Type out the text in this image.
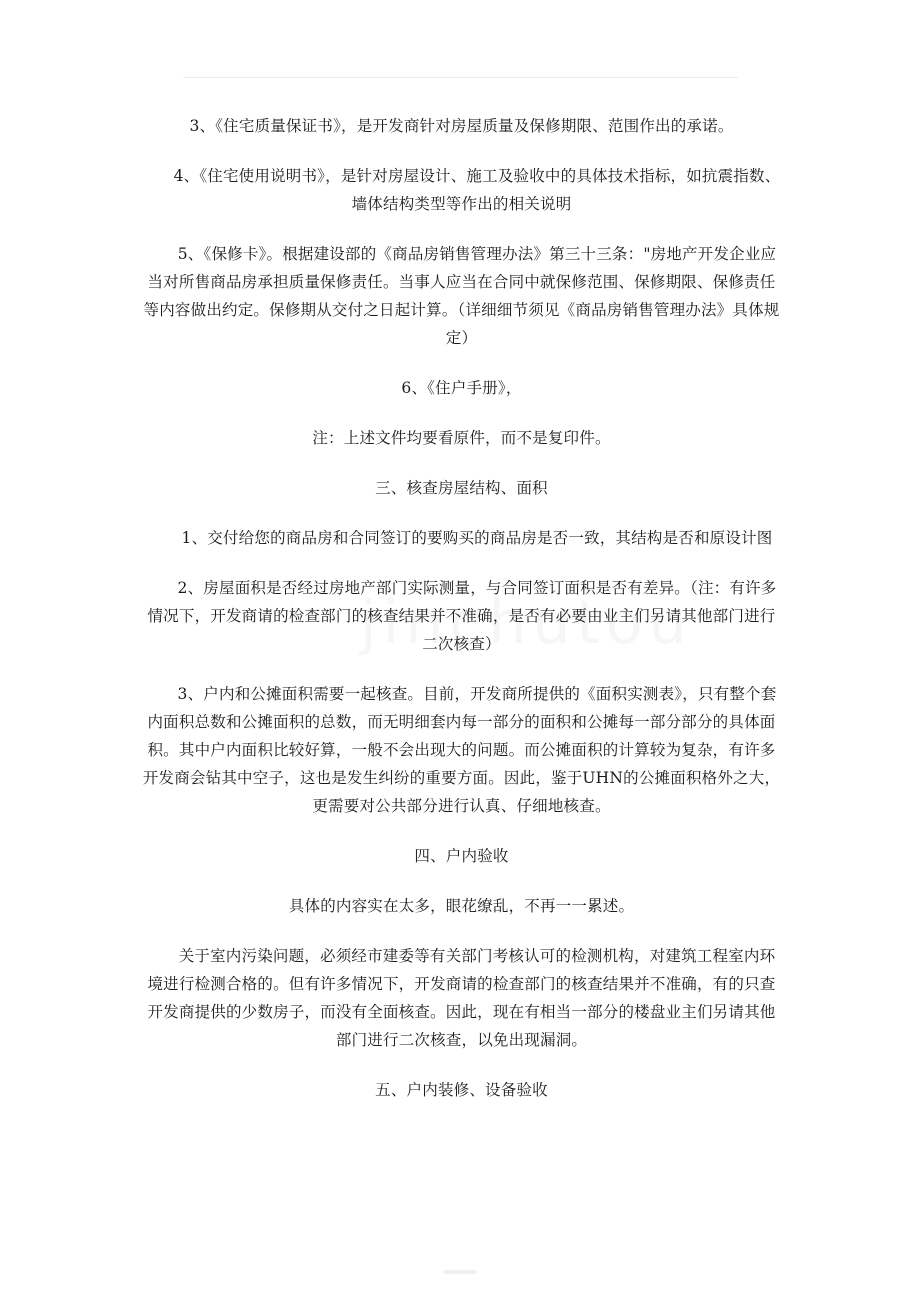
3、《住宅质量保证书》，是开发商针对房屋质量及保修期限、范围作出的承诺。

4、《住宅使用说明书》，是针对房屋设计、施工及验收中的具体技术指标，如抗震指数、墙体结构类型等作出的相关说明

5、《保修卡》。根据建设部的《商品房销售管理办法》第三十三条："房地产开发企业应当对所售商品房承担质量保修责任。当事人应当在合同中就保修范围、保修期限、保修责任等内容做出约定。保修期从交付之日起计算。（详细细节须见《商品房销售管理办法》具体规定）

6、《住户手册》，

注：上述文件均要看原件，而不是复印件。

三、核查房屋结构、面积

1、交付给您的商品房和合同签订的要购买的商品房是否一致，其结构是否和原设计图

2、房屋面积是否经过房地产部门实际测量，与合同签订面积是否有差异。（注：有许多情况下，开发商请的检查部门的核查结果并不准确，是否有必要由业主们另请其他部门进行二次核查）

3、户内和公摊面积需要一起核查。目前，开发商所提供的《面积实测表》，只有整个套内面积总数和公摊面积的总数，而无明细套内每一部分的面积和公摊每一部分部分的具体面积。其中户内面积比较好算，一般不会出现大的问题。而公摊面积的计算较为复杂，有许多开发商会钻其中空子，这也是发生纠纷的重要方面。因此，鉴于UHN的公摊面积格外之大，更需要对公共部分进行认真、仔细地核查。

四、户内验收

具体的内容实在太多，眼花缭乱，不再一一累述。

关于室内污染问题，必须经市建委等有关部门考核认可的检测机构，对建筑工程室内环境进行检测合格的。但有许多情况下，开发商请的检查部门的核查结果并不准确，有的只查开发商提供的少数房子，而没有全面核查。因此，现在有相当一部分的楼盘业主们另请其他部门进行二次核查，以免出现漏洞。

五、户内装修、设备验收
